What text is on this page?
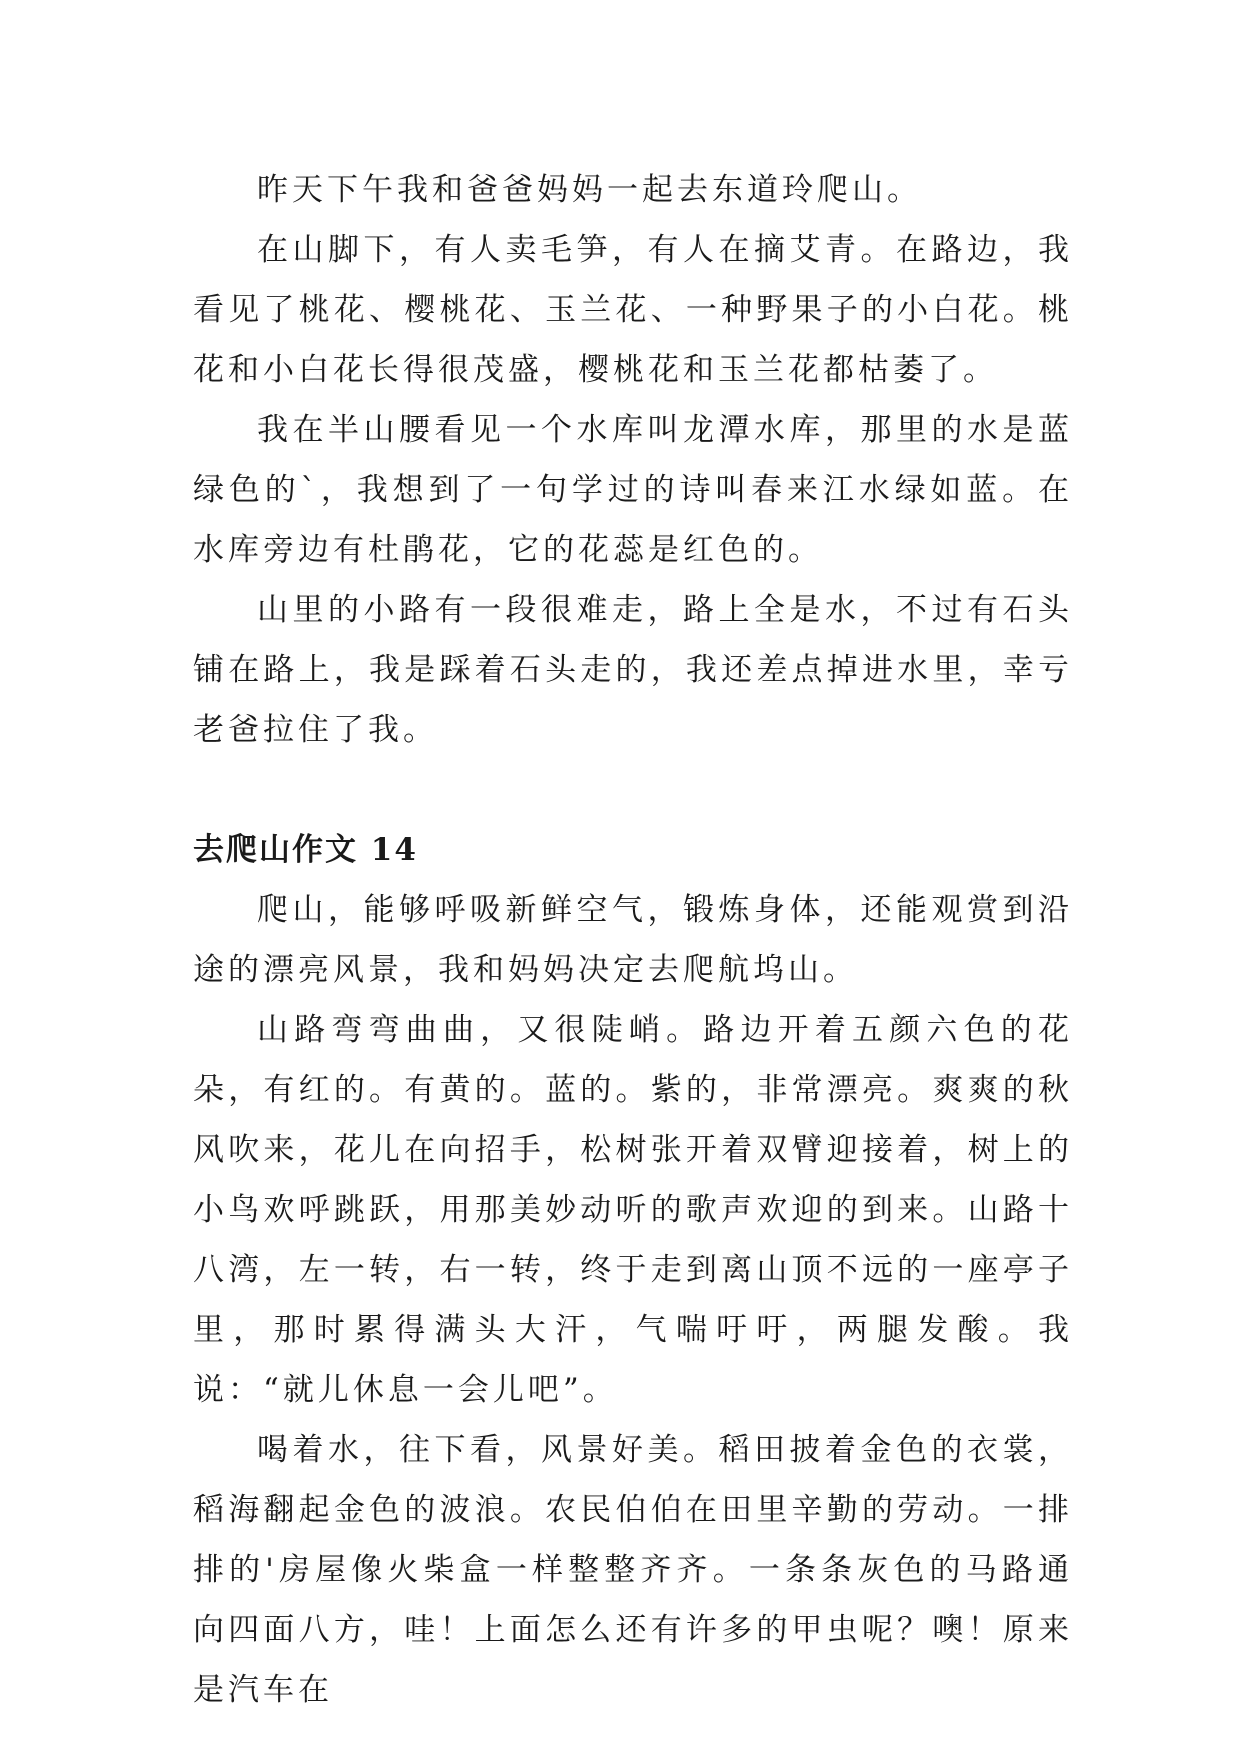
昨天下午我和爸爸妈妈一起去东道玲爬山。

在山脚下，有人卖毛笋，有人在摘艾青。在路边，我看见了桃花、樱桃花、玉兰花、一种野果子的小白花。桃花和小白花长得很茂盛，樱桃花和玉兰花都枯萎了。

我在半山腰看见一个水库叫龙潭水库，那里的水是蓝绿色的`，我想到了一句学过的诗叫春来江水绿如蓝。在水库旁边有杜鹃花，它的花蕊是红色的。

山里的小路有一段很难走，路上全是水，不过有石头铺在路上，我是踩着石头走的，我还差点掉进水里，幸亏老爸拉住了我。

去爬山作文 14

爬山，能够呼吸新鲜空气，锻炼身体，还能观赏到沿途的漂亮风景，我和妈妈决定去爬航坞山。

山路弯弯曲曲，又很陡峭。路边开着五颜六色的花朵，有红的。有黄的。蓝的。紫的，非常漂亮。爽爽的秋风吹来，花儿在向招手，松树张开着双臂迎接着，树上的小鸟欢呼跳跃，用那美妙动听的歌声欢迎的到来。山路十八湾，左一转，右一转，终于走到离山顶不远的一座亭子里，那时累得满头大汗，气喘吁吁，两腿发酸。我说：“就儿休息一会儿吧”。

喝着水，往下看，风景好美。稻田披着金色的衣裳，稻海翻起金色的波浪。农民伯伯在田里辛勤的劳动。一排排的'房屋像火柴盒一样整整齐齐。一条条灰色的马路通向四面八方，哇！上面怎么还有许多的甲虫呢？噢！原来是汽车在
